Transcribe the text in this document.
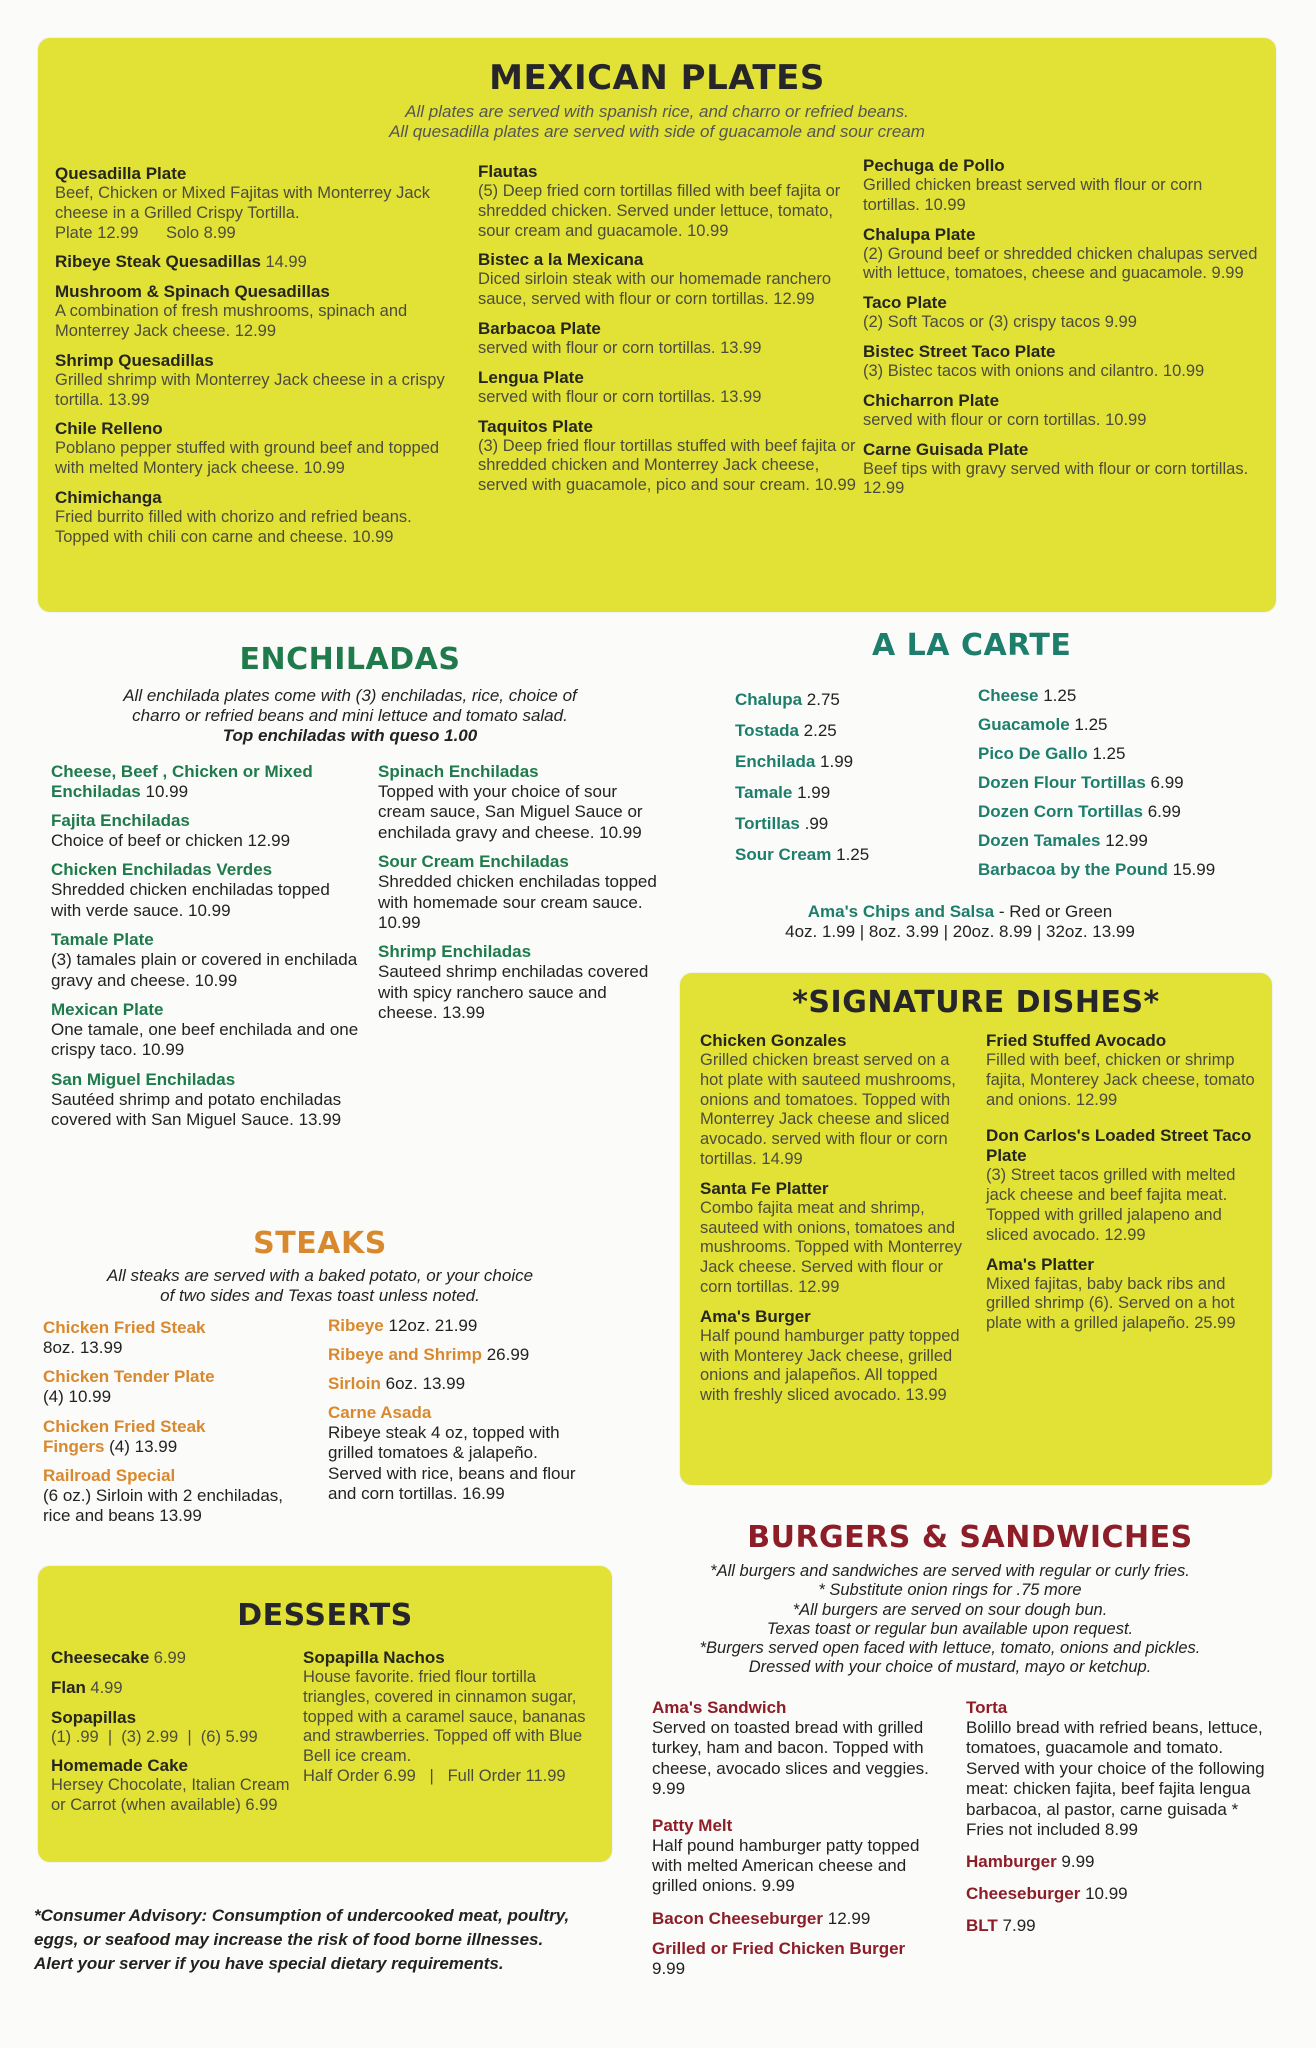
MEXICAN PLATES
All plates are served with spanish rice, and charro or refried beans.
All quesadilla plates are served with side of guacamole and sour cream
Quesadilla Plate
Beef, Chicken or Mixed Fajitas with Monterrey Jack cheese in a Grilled Crispy Tortilla.
Plate 12.99      Solo 8.99
Ribeye Steak Quesadillas 14.99
Mushroom & Spinach Quesadillas
A combination of fresh mushrooms, spinach and Monterrey Jack cheese. 12.99
Shrimp Quesadillas
Grilled shrimp with Monterrey Jack cheese in a crispy tortilla. 13.99
Chile Relleno
Poblano pepper stuffed with ground beef and topped with melted Montery jack cheese. 10.99
Chimichanga
Fried burrito filled with chorizo and refried beans. Topped with chili con carne and cheese. 10.99
Flautas
(5) Deep fried corn tortillas filled with beef fajita or shredded chicken. Served under lettuce, tomato, sour cream and guacamole. 10.99
Bistec a la Mexicana
Diced sirloin steak with our homemade ranchero sauce, served with flour or corn tortillas. 12.99
Barbacoa Plate
served with flour or corn tortillas. 13.99
Lengua Plate
served with flour or corn tortillas. 13.99
Taquitos Plate
(3) Deep fried flour tortillas stuffed with beef fajita or shredded chicken and Monterrey Jack cheese, served with guacamole, pico and sour cream. 10.99
Pechuga de Pollo
Grilled chicken breast served with flour or corn tortillas. 10.99
Chalupa Plate
(2) Ground beef or shredded chicken chalupas served with lettuce, tomatoes, cheese and guacamole. 9.99
Taco Plate
(2) Soft Tacos or (3) crispy tacos 9.99
Bistec Street Taco Plate
(3) Bistec tacos with onions and cilantro. 10.99
Chicharron Plate
served with flour or corn tortillas. 10.99
Carne Guisada Plate
Beef tips with gravy served with flour or corn tortillas. 12.99
ENCHILADAS
All enchilada plates come with (3) enchiladas, rice, choice of
charro or refried beans and mini lettuce and tomato salad.
Top enchiladas with queso 1.00
Cheese, Beef , Chicken or Mixed Enchiladas 10.99
Fajita Enchiladas
Choice of beef or chicken 12.99
Chicken Enchiladas Verdes
Shredded chicken enchiladas topped with verde sauce. 10.99
Tamale Plate
(3) tamales plain or covered in enchilada gravy and cheese. 10.99
Mexican Plate
One tamale, one beef enchilada and one crispy taco. 10.99
San Miguel Enchiladas
Sautéed shrimp and potato enchiladas covered with San Miguel Sauce. 13.99
Spinach Enchiladas
Topped with your choice of sour cream sauce, San Miguel Sauce or enchilada gravy and cheese. 10.99
Sour Cream Enchiladas
Shredded chicken enchiladas topped with homemade sour cream sauce. 10.99
Shrimp Enchiladas
Sauteed shrimp enchiladas covered with spicy ranchero sauce and cheese. 13.99
A LA CARTE
Chalupa 2.75
Tostada 2.25
Enchilada 1.99
Tamale 1.99
Tortillas .99
Sour Cream 1.25
Cheese 1.25
Guacamole 1.25
Pico De Gallo 1.25
Dozen Flour Tortillas 6.99
Dozen Corn Tortillas 6.99
Dozen Tamales 12.99
Barbacoa by the Pound 15.99
Ama's Chips and Salsa - Red or Green
4oz. 1.99 | 8oz. 3.99 | 20oz. 8.99 | 32oz. 13.99
*SIGNATURE DISHES*
Chicken Gonzales
Grilled chicken breast served on a hot plate with sauteed mushrooms, onions and tomatoes. Topped with Monterrey Jack cheese and sliced avocado. served with flour or corn tortillas. 14.99
Santa Fe Platter
Combo fajita meat and shrimp, sauteed with onions, tomatoes and mushrooms. Topped with Monterrey Jack cheese. Served with flour or corn tortillas. 12.99
Ama's Burger
Half pound hamburger patty topped with Monterey Jack cheese, grilled onions and jalapeños. All topped with freshly sliced avocado. 13.99
Fried Stuffed Avocado
Filled with beef, chicken or shrimp fajita, Monterey Jack cheese, tomato and onions. 12.99
Don Carlos's Loaded Street Taco Plate
(3) Street tacos grilled with melted jack cheese and beef fajita meat. Topped with grilled jalapeno and sliced avocado. 12.99
Ama's Platter
Mixed fajitas, baby back ribs and grilled shrimp (6). Served on a hot plate with a grilled jalapeño. 25.99
STEAKS
All steaks are served with a baked potato, or your choice
of two sides and Texas toast unless noted.
Chicken Fried Steak
8oz. 13.99
Chicken Tender Plate
(4) 10.99
Chicken Fried Steak Fingers (4) 13.99
Railroad Special
(6 oz.) Sirloin with 2 enchiladas, rice and beans 13.99
Ribeye 12oz. 21.99
Ribeye and Shrimp 26.99
Sirloin 6oz. 13.99
Carne Asada
Ribeye steak 4 oz, topped with grilled tomatoes & jalapeño. Served with rice, beans and flour and corn tortillas. 16.99
DESSERTS
Cheesecake 6.99
Flan 4.99
Sopapillas
(1) .99  |  (3) 2.99  |  (6) 5.99
Homemade Cake
Hersey Chocolate, Italian Cream or Carrot (when available) 6.99
Sopapilla Nachos
House favorite. fried flour tortilla triangles, covered in cinnamon sugar, topped with a caramel sauce, bananas and strawberries. Topped off with Blue Bell ice cream.
Half Order 6.99   |   Full Order 11.99
BURGERS & SANDWICHES
*All burgers and sandwiches are served with regular or curly fries.
* Substitute onion rings for .75 more
*All burgers are served on sour dough bun.
Texas toast or regular bun available upon request.
*Burgers served open faced with lettuce, tomato, onions and pickles.
Dressed with your choice of mustard, mayo or ketchup.
Ama's Sandwich
Served on toasted bread with grilled turkey, ham and bacon. Topped with cheese, avocado slices and veggies. 9.99
Patty Melt
Half pound hamburger patty topped with melted American cheese and grilled onions. 9.99
Bacon Cheeseburger 12.99
Grilled or Fried Chicken Burger
9.99
Torta
Bolillo bread with refried beans, lettuce, tomatoes, guacamole and tomato. Served with your choice of the following meat: chicken fajita, beef fajita lengua barbacoa, al pastor, carne guisada * Fries not included 8.99
Hamburger 9.99
Cheeseburger 10.99
BLT 7.99
*Consumer Advisory: Consumption of undercooked meat, poultry,
eggs, or seafood may increase the risk of food borne illnesses.
Alert your server if you have special dietary requirements.
